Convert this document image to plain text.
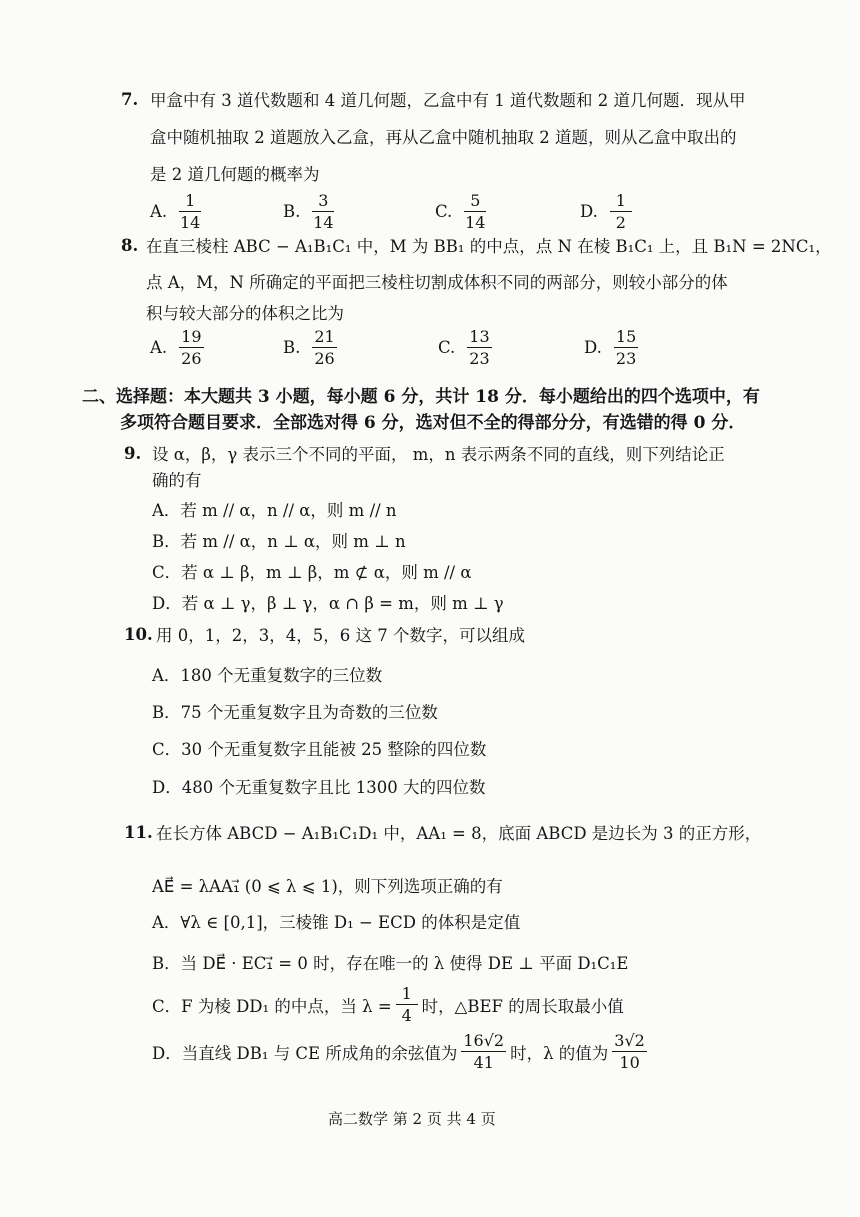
7. 甲盒中有 3 道代数题和 4 道几何题，乙盒中有 1 道代数题和 2 道几何题．现从甲
盒中随机抽取 2 道题放入乙盒，再从乙盒中随机抽取 2 道题，则从乙盒中取出的
是 2 道几何题的概率为
A. $\frac{1}{14}$	B. $\frac{3}{14}$	C. $\frac{5}{14}$	D. $\frac{1}{2}$
8. 在直三棱柱 ABC − A₁B₁C₁ 中，M 为 BB₁ 的中点，点 N 在棱 B₁C₁ 上，且 B₁N = 2NC₁，
点 A，M，N 所确定的平面把三棱柱切割成体积不同的两部分，则较小部分的体
积与较大部分的体积之比为
A. $\frac{19}{26}$	B. $\frac{21}{26}$	C. $\frac{13}{23}$	D. $\frac{15}{23}$
二、选择题：本大题共 3 小题，每小题 6 分，共计 18 分．每小题给出的四个选项中，有
多项符合题目要求．全部选对得 6 分，选对但不全的得部分分，有选错的得 0 分．
9. 设 α，β，γ 表示三个不同的平面， m，n 表示两条不同的直线，则下列结论正
确的有
A．若 m // α，n // α，则 m // n
B．若 m // α，n ⊥ α，则 m ⊥ n
C．若 α ⊥ β，m ⊥ β，m ⊄ α，则 m // α
D．若 α ⊥ γ，β ⊥ γ，α ∩ β = m，则 m ⊥ γ
10. 用 0，1，2，3，4，5，6 这 7 个数字，可以组成
A．180 个无重复数字的三位数
B．75 个无重复数字且为奇数的三位数
C．30 个无重复数字且能被 25 整除的四位数
D．480 个无重复数字且比 1300 大的四位数
11. 在长方体 ABCD − A₁B₁C₁D₁ 中，AA₁ = 8，底面 ABCD 是边长为 3 的正方形，
AE⃗ = λAA₁⃗ (0 ⩽ λ ⩽ 1)，则下列选项正确的有
A．∀λ ∈ [0,1]，三棱锥 D₁ − ECD 的体积是定值
B．当 DE⃗ · EC₁⃗ = 0 时，存在唯一的 λ 使得 DE ⊥ 平面 D₁C₁E
C．F 为棱 DD₁ 的中点，当 $\lambda = \frac{1}{4}$ 时，△BEF 的周长取最小值
D．当直线 DB₁ 与 CE 所成角的余弦值为 $\frac{16√2}{41}$ 时，λ 的值为 $\frac{3√2}{10}$
高二数学 第 2 页 共 4 页
